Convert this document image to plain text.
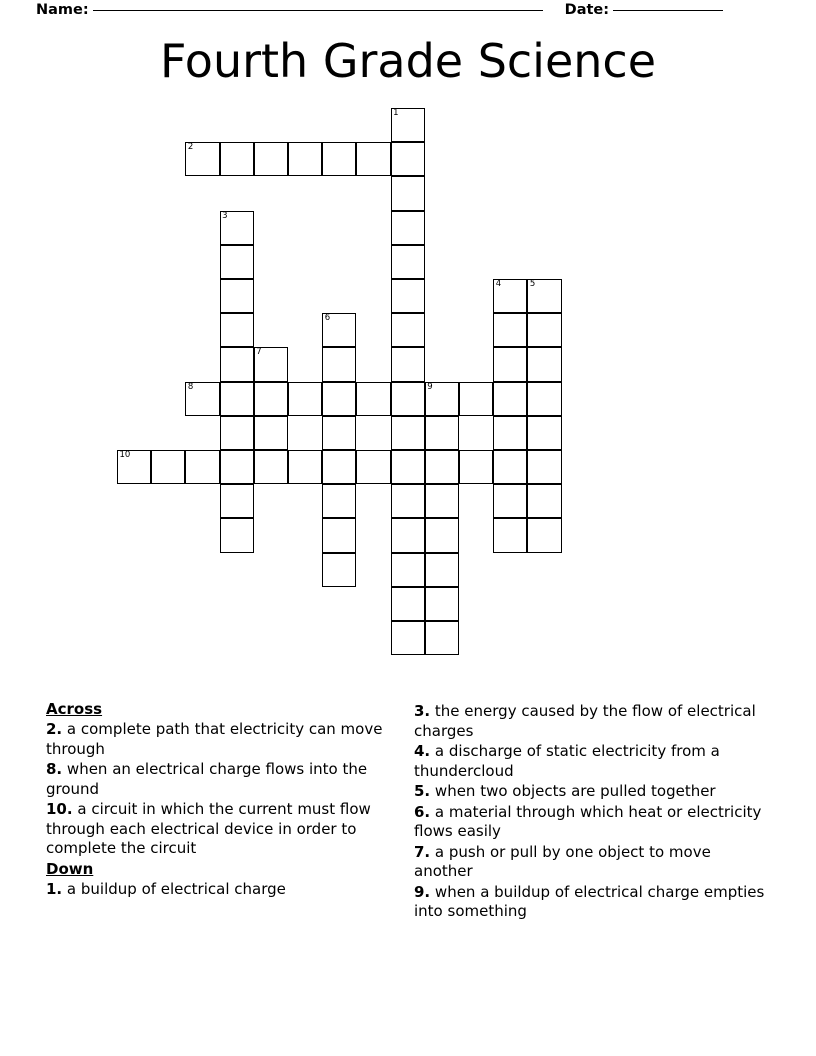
Name:	Date:
Fourth Grade Science
1
2
3
4	5
6
7
8	9
10
Across

2. a complete path that electricity can move through

8. when an electrical charge flows into the ground

10. a circuit in which the current must flow through each electrical device in order to complete the circuit

Down

1. a buildup of electrical charge

3. the energy caused by the flow of electrical charges

4. a discharge of static electricity from a thundercloud

5. when two objects are pulled together

6. a material through which heat or electricity flows easily

7. a push or pull by one object to move another

9. when a buildup of electrical charge empties into something
